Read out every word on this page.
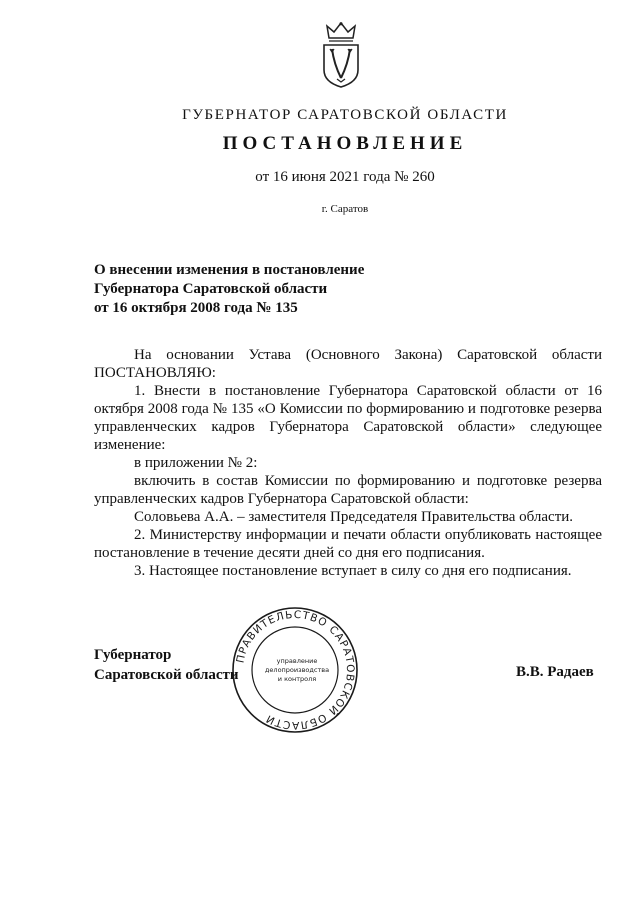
ГУБЕРНАТОР САРАТОВСКОЙ ОБЛАСТИ
ПОСТАНОВЛЕНИЕ
от 16 июня 2021 года № 260
г. Саратов
О внесении изменения в постановление
Губернатора Саратовской области
от 16 октября 2008 года № 135

На основании Устава (Основного Закона) Саратовской области ПОСТАНОВЛЯЮ:

1. Внести в постановление Губернатора Саратовской области от 16 октября 2008 года № 135 «О Комиссии по формированию и подготовке резерва управленческих кадров Губернатора Саратовской области» следующее изменение:

в приложении № 2:

включить в состав Комиссии по формированию и подготовке резерва управленческих кадров Губернатора Саратовской области:

Соловьева А.А. – заместителя Председателя Правительства области.

2. Министерству информации и печати области опубликовать настоящее постановление в течение десяти дней со дня его подписания.

3. Настоящее постановление вступает в силу со дня его подписания.

Губернатор
Саратовской области
ПРАВИТЕЛЬСТВО САРАТОВСКОЙ ОБЛАСТИ
управление
делопроизводства
и контроля	В.В. Радаев
